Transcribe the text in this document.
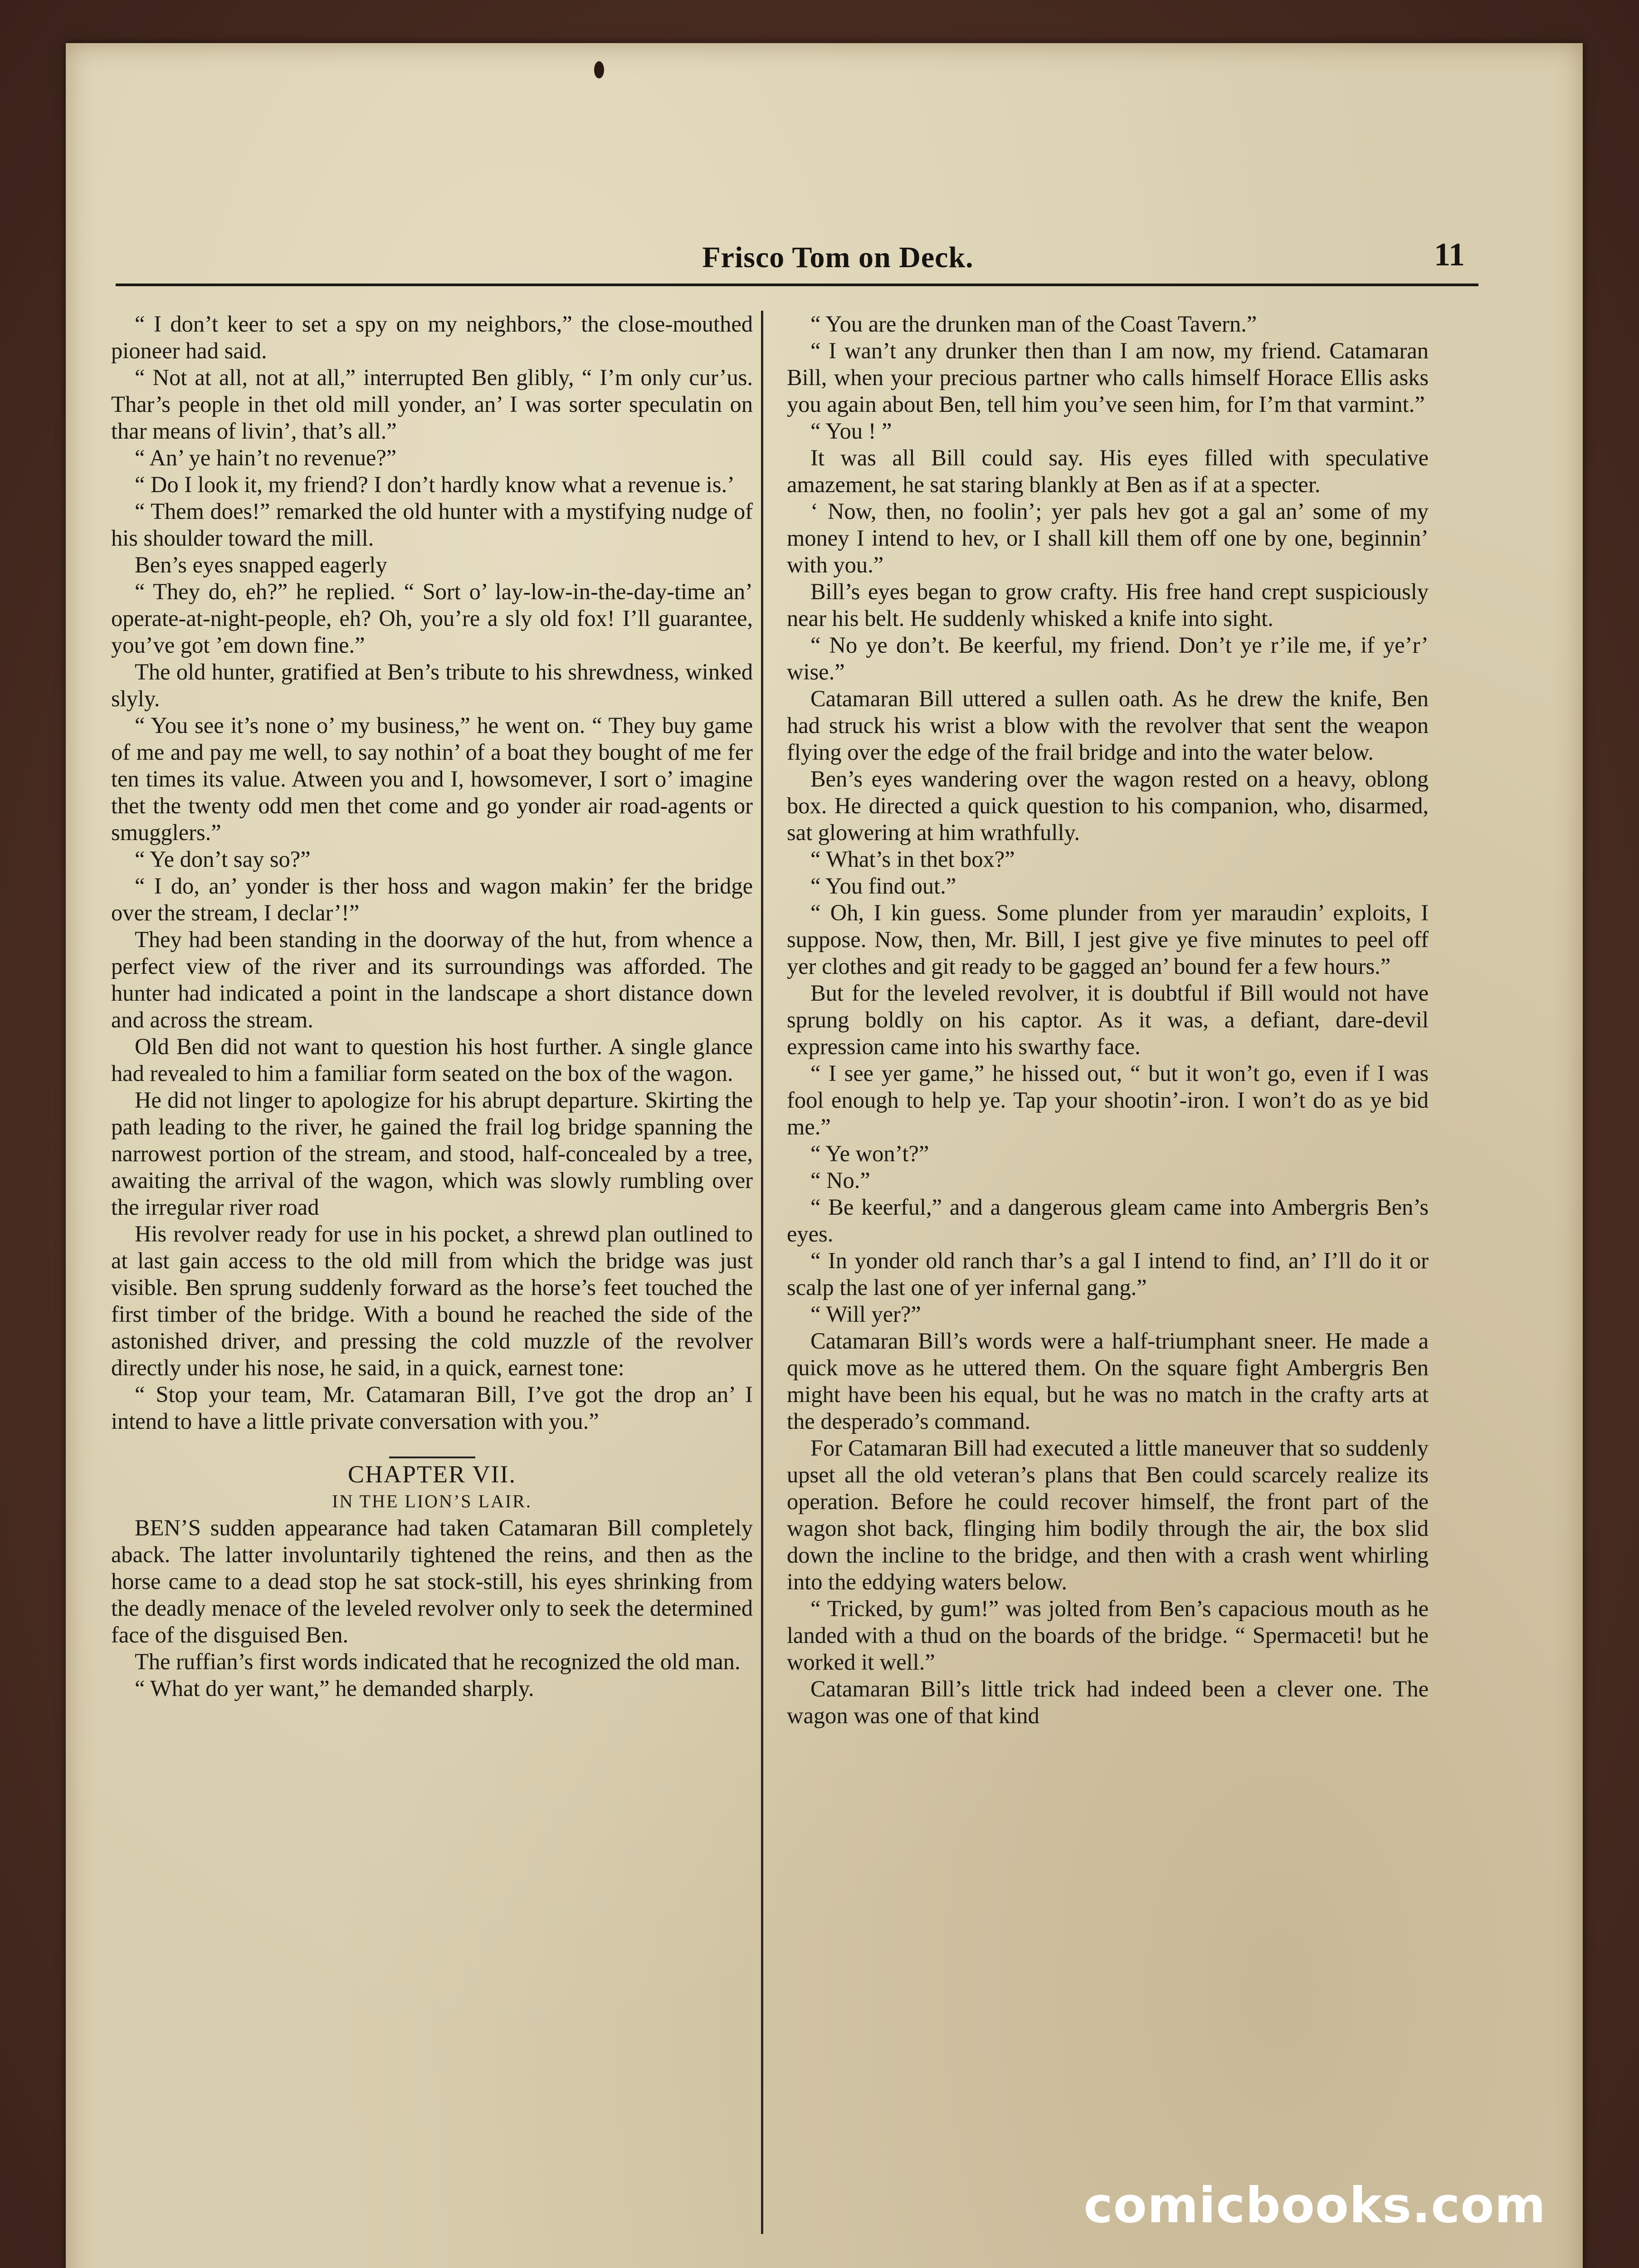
Frisco Tom on Deck.	11

“ I don’t keer to set a spy on my neighbors,” the close-mouthed pioneer had said.

“ Not at all, not at all,” interrupted Ben glibly, “ I’m only cur’us. Thar’s people in thet old mill yonder, an’ I was sorter speculatin on thar means of livin’, that’s all.”

“ An’ ye hain’t no revenue?”

“ Do I look it, my friend? I don’t hardly know what a revenue is.’

“ Them does!” remarked the old hunter with a mystifying nudge of his shoulder toward the mill.

Ben’s eyes snapped eagerly

“ They do, eh?” he replied. “ Sort o’ lay-low-in-the-day-time an’ operate-at-night-people, eh? Oh, you’re a sly old fox! I’ll guarantee, you’ve got ’em down fine.”

The old hunter, gratified at Ben’s tribute to his shrewdness, winked slyly.

“ You see it’s none o’ my business,” he went on. “ They buy game of me and pay me well, to say nothin’ of a boat they bought of me fer ten times its value. Atween you and I, howsomever, I sort o’ imagine thet the twenty odd men thet come and go yonder air road-agents or smugglers.”

“ Ye don’t say so?”

“ I do, an’ yonder is ther hoss and wagon makin’ fer the bridge over the stream, I declar’!”

They had been standing in the doorway of the hut, from whence a perfect view of the river and its surroundings was afforded. The hunter had indicated a point in the landscape a short distance down and across the stream.

Old Ben did not want to question his host further. A single glance had revealed to him a familiar form seated on the box of the wagon.

He did not linger to apologize for his abrupt departure. Skirting the path leading to the river, he gained the frail log bridge spanning the narrowest portion of the stream, and stood, half-concealed by a tree, awaiting the arrival of the wagon, which was slowly rumbling over the irregular river road

His revolver ready for use in his pocket, a shrewd plan outlined to at last gain access to the old mill from which the bridge was just visible. Ben sprung suddenly forward as the horse’s feet touched the first timber of the bridge. With a bound he reached the side of the astonished driver, and pressing the cold muzzle of the revolver directly under his nose, he said, in a quick, earnest tone:

“ Stop your team, Mr. Catamaran Bill, I’ve got the drop an’ I intend to have a little private conversation with you.”

CHAPTER VII.
IN THE LION’S LAIR.

BEN’S sudden appearance had taken Catamaran Bill completely aback. The latter involuntarily tightened the reins, and then as the horse came to a dead stop he sat stock-still, his eyes shrinking from the deadly menace of the leveled revolver only to seek the determined face of the disguised Ben.

The ruffian’s first words indicated that he recognized the old man.

“ What do yer want,” he demanded sharply.

“ You are the drunken man of the Coast Tavern.”

“ I wan’t any drunker then than I am now, my friend. Catamaran Bill, when your precious partner who calls himself Horace Ellis asks you again about Ben, tell him you’ve seen him, for I’m that varmint.”

“ You ! ”

It was all Bill could say. His eyes filled with speculative amazement, he sat staring blankly at Ben as if at a specter.

‘ Now, then, no foolin’; yer pals hev got a gal an’ some of my money I intend to hev, or I shall kill them off one by one, beginnin’ with you.”

Bill’s eyes began to grow crafty. His free hand crept suspiciously near his belt. He suddenly whisked a knife into sight.

“ No ye don’t. Be keerful, my friend. Don’t ye r’ile me, if ye’r’ wise.”

Catamaran Bill uttered a sullen oath. As he drew the knife, Ben had struck his wrist a blow with the revolver that sent the weapon flying over the edge of the frail bridge and into the water below.

Ben’s eyes wandering over the wagon rested on a heavy, oblong box. He directed a quick question to his companion, who, disarmed, sat glowering at him wrathfully.

“ What’s in thet box?”

“ You find out.”

“ Oh, I kin guess. Some plunder from yer maraudin’ exploits, I suppose. Now, then, Mr. Bill, I jest give ye five minutes to peel off yer clothes and git ready to be gagged an’ bound fer a few hours.”

But for the leveled revolver, it is doubtful if Bill would not have sprung boldly on his captor. As it was, a defiant, dare-devil expression came into his swarthy face.

“ I see yer game,” he hissed out, “ but it won’t go, even if I was fool enough to help ye. Tap your shootin’-iron. I won’t do as ye bid me.”

“ Ye won’t?”

“ No.”

“ Be keerful,” and a dangerous gleam came into Ambergris Ben’s eyes.

“ In yonder old ranch thar’s a gal I intend to find, an’ I’ll do it or scalp the last one of yer infernal gang.”

“ Will yer?”

Catamaran Bill’s words were a half-triumphant sneer. He made a quick move as he uttered them. On the square fight Ambergris Ben might have been his equal, but he was no match in the crafty arts at the desperado’s command.

For Catamaran Bill had executed a little maneuver that so suddenly upset all the old veteran’s plans that Ben could scarcely realize its operation. Before he could recover himself, the front part of the wagon shot back, flinging him bodily through the air, the box slid down the incline to the bridge, and then with a crash went whirling into the eddying waters below.

“ Tricked, by gum!” was jolted from Ben’s capacious mouth as he landed with a thud on the boards of the bridge. “ Spermaceti! but he worked it well.”

Catamaran Bill’s little trick had indeed been a clever one. The wagon was one of that kind

comicbooks.com
